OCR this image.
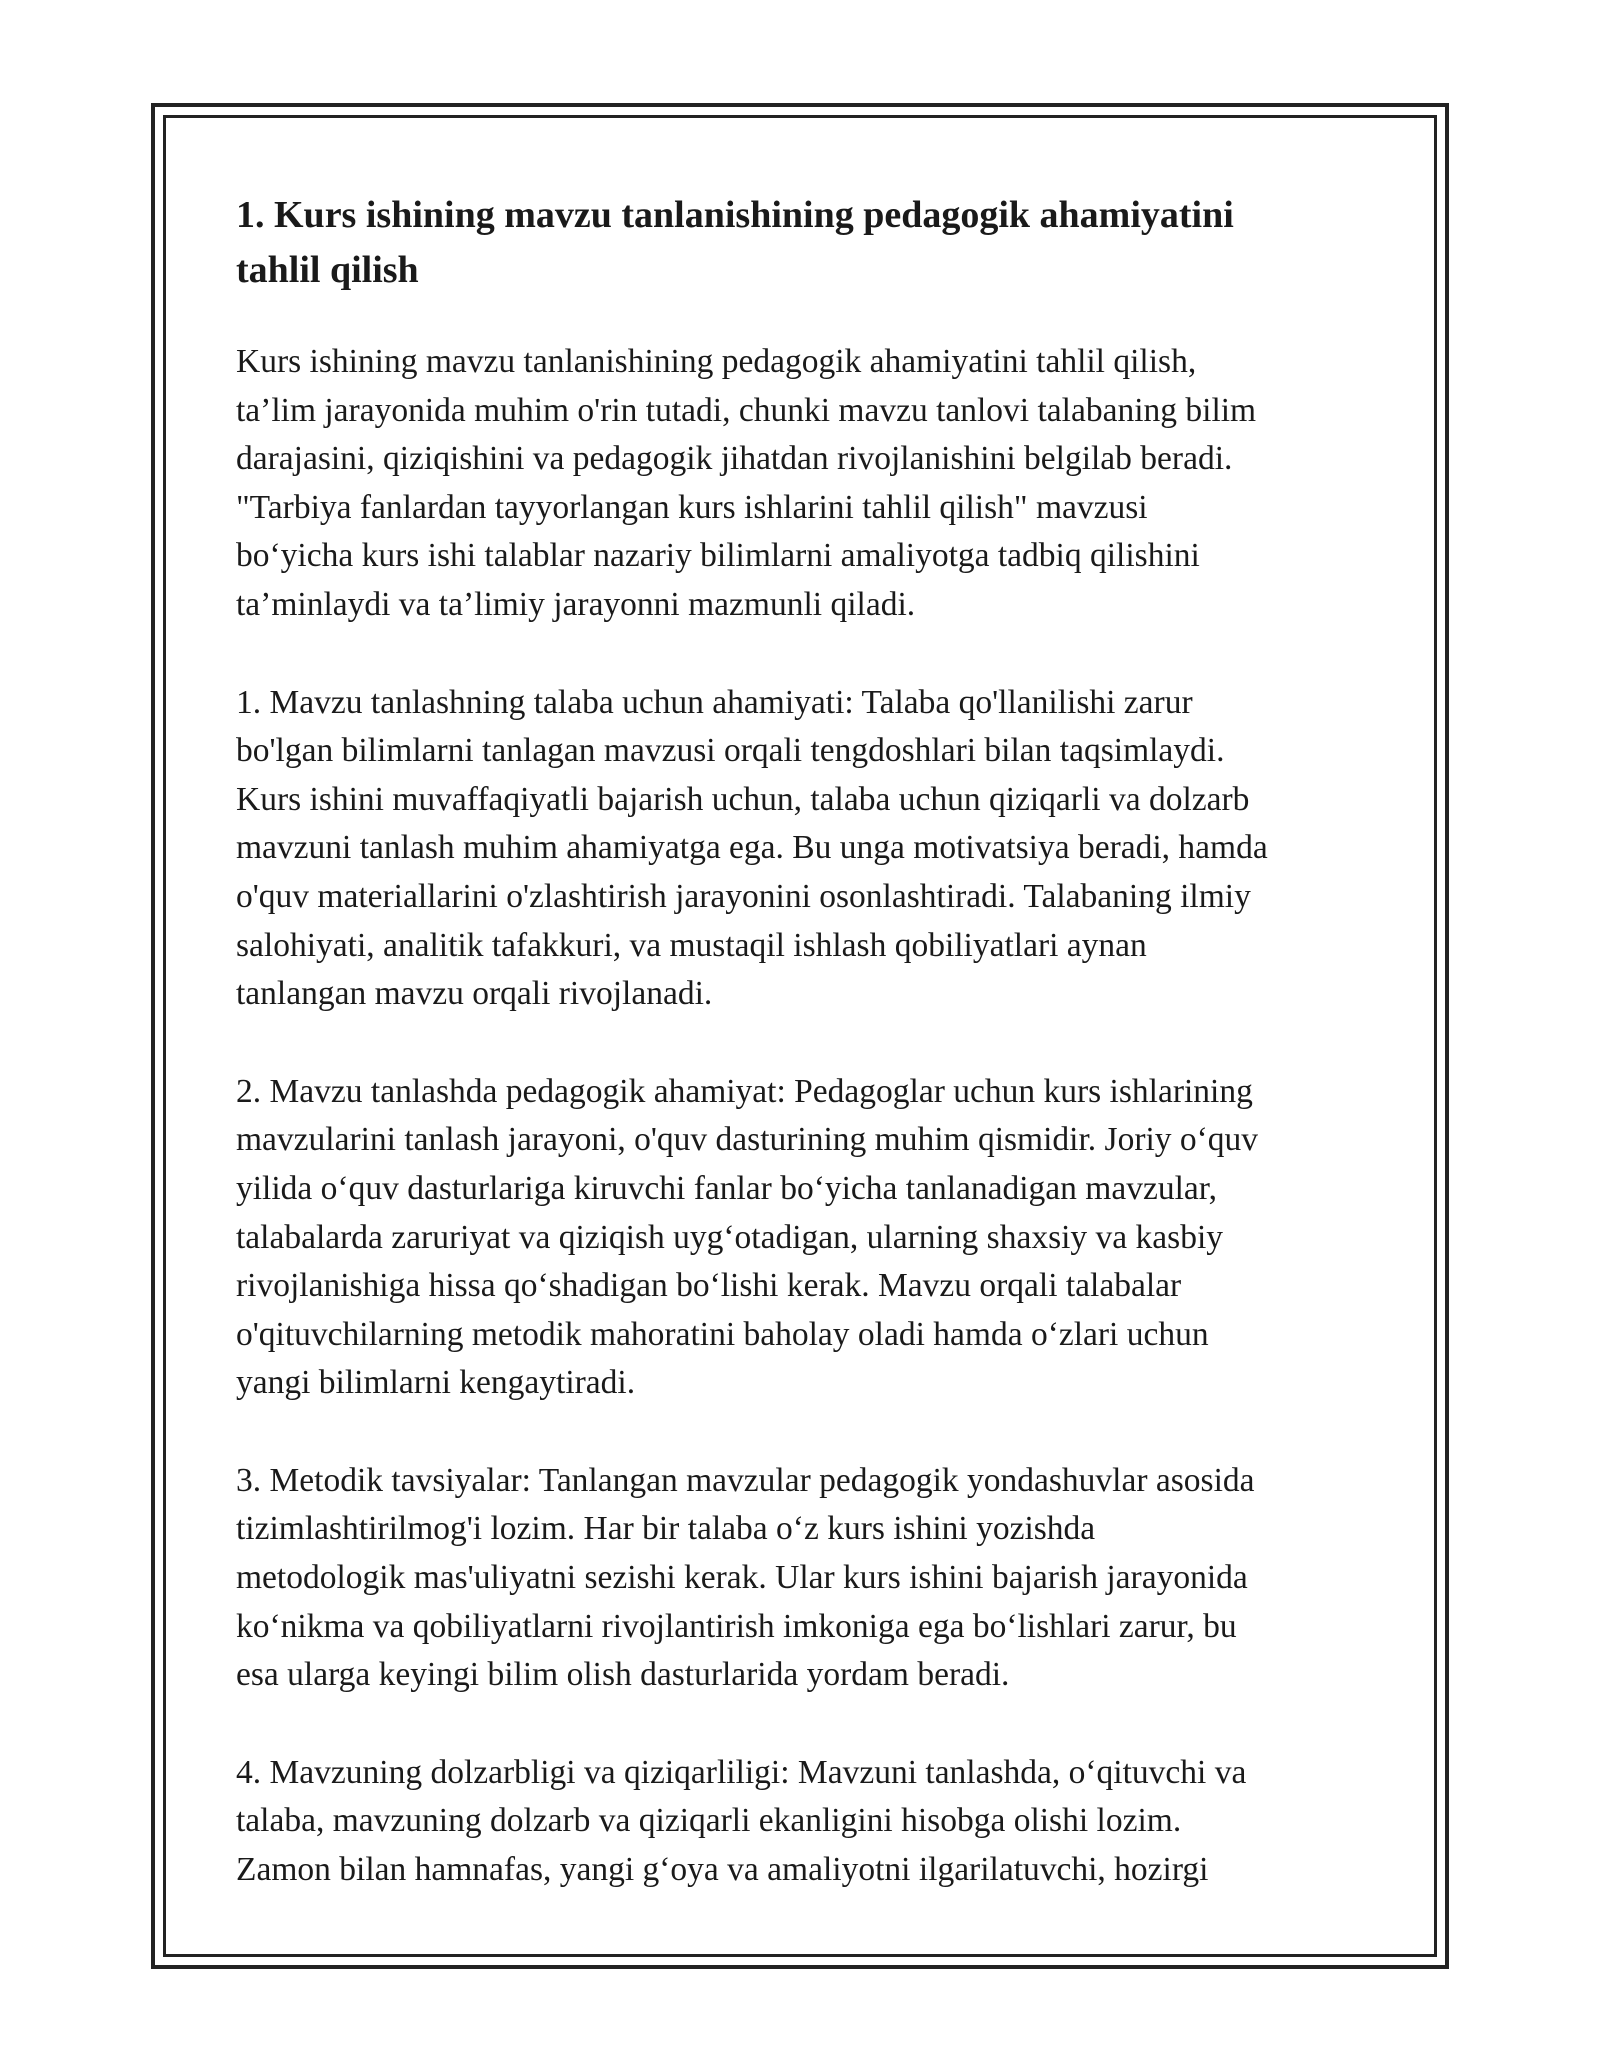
1. Kurs ishining mavzu tanlanishining pedagogik ahamiyatini
tahlil qilish

Kurs ishining mavzu tanlanishining pedagogik ahamiyatini tahlil qilish,
ta’lim jarayonida muhim o'rin tutadi, chunki mavzu tanlovi talabaning bilim
darajasini, qiziqishini va pedagogik jihatdan rivojlanishini belgilab beradi.
"Tarbiya fanlardan tayyorlangan kurs ishlarini tahlil qilish" mavzusi
bo‘yicha kurs ishi talablar nazariy bilimlarni amaliyotga tadbiq qilishini
ta’minlaydi va ta’limiy jarayonni mazmunli qiladi.

1. Mavzu tanlashning talaba uchun ahamiyati: Talaba qo'llanilishi zarur
bo'lgan bilimlarni tanlagan mavzusi orqali tengdoshlari bilan taqsimlaydi.
Kurs ishini muvaffaqiyatli bajarish uchun, talaba uchun qiziqarli va dolzarb
mavzuni tanlash muhim ahamiyatga ega. Bu unga motivatsiya beradi, hamda
o'quv materiallarini o'zlashtirish jarayonini osonlashtiradi. Talabaning ilmiy
salohiyati, analitik tafakkuri, va mustaqil ishlash qobiliyatlari aynan
tanlangan mavzu orqali rivojlanadi.

2. Mavzu tanlashda pedagogik ahamiyat: Pedagoglar uchun kurs ishlarining
mavzularini tanlash jarayoni, o'quv dasturining muhim qismidir. Joriy o‘quv
yilida o‘quv dasturlariga kiruvchi fanlar bo‘yicha tanlanadigan mavzular,
talabalarda zaruriyat va qiziqish uyg‘otadigan, ularning shaxsiy va kasbiy
rivojlanishiga hissa qo‘shadigan bo‘lishi kerak. Mavzu orqali talabalar
o'qituvchilarning metodik mahoratini baholay oladi hamda o‘zlari uchun
yangi bilimlarni kengaytiradi.

3. Metodik tavsiyalar: Tanlangan mavzular pedagogik yondashuvlar asosida
tizimlashtirilmog'i lozim. Har bir talaba o‘z kurs ishini yozishda
metodologik mas'uliyatni sezishi kerak. Ular kurs ishini bajarish jarayonida
ko‘nikma va qobiliyatlarni rivojlantirish imkoniga ega bo‘lishlari zarur, bu
esa ularga keyingi bilim olish dasturlarida yordam beradi.

4. Mavzuning dolzarbligi va qiziqarliligi: Mavzuni tanlashda, o‘qituvchi va
talaba, mavzuning dolzarb va qiziqarli ekanligini hisobga olishi lozim.
Zamon bilan hamnafas, yangi g‘oya va amaliyotni ilgarilatuvchi, hozirgi
